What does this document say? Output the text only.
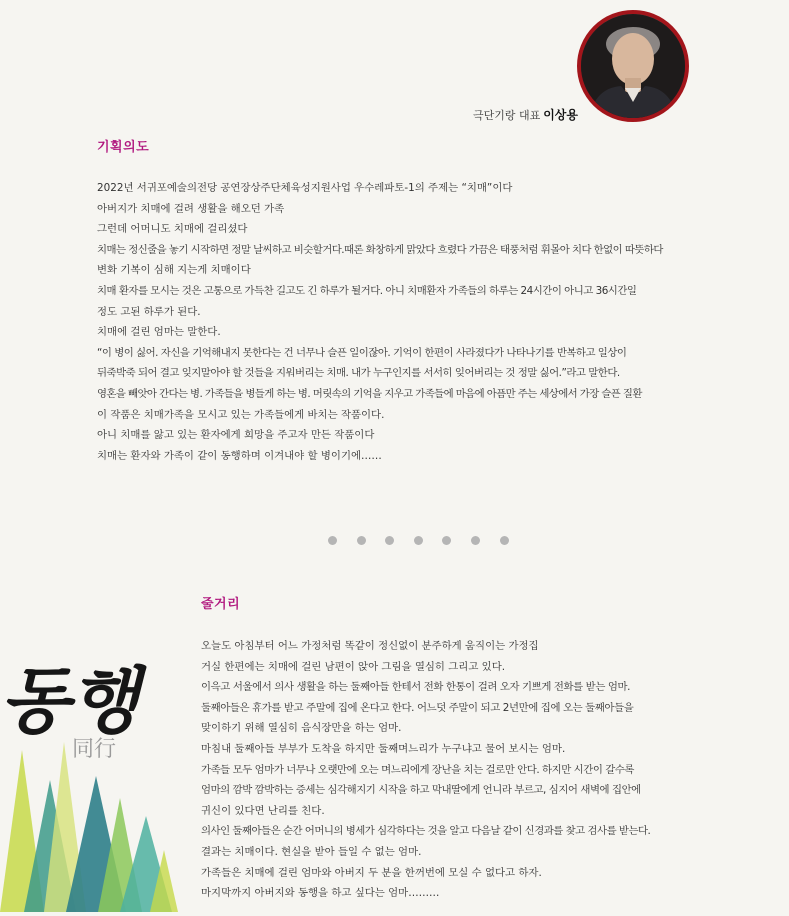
극단기랑 대표 이상용
기획의도

2022년 서귀포예술의전당 공연장상주단체육성지원사업 우수레파토-1의 주제는 “치매”이다

아버지가 치매에 걸려 생활을 해오던 가족

그런데 어머니도 치매에 걸리셨다

치매는 정신줄을 놓기 시작하면 정말 날씨하고 비슷할거다.때론 화창하게 맑았다 흐렸다 가끔은 태풍처럼 휘몰아 치다 한없이 따뜻하다

변화 기복이 심해 지는게 치매이다

치매 환자를 모시는 것은 고통으로 가득찬 길고도 긴 하루가 될거다. 아니 치매환자 가족들의 하루는 24시간이 아니고 36시간일

정도 고된 하루가 된다.

치매에 걸린 엄마는 말한다.

“이 병이 싫어. 자신을 기억해내지 못한다는 건 너무나 슬픈 일이잖아. 기억이 한편이 사라졌다가 나타나기를 반복하고 일상이

뒤죽박죽 되어 결고 잊지말아야 할 것들을 지워버리는 치매. 내가 누구인지를 서서히 잊어버리는 것 정말 싫어.”라고 말한다.

영혼을 빼앗아 간다는 병. 가족들을 병들게 하는 병. 머릿속의 기억을 지우고 가족들에 마음에 아픔만 주는 세상에서 가장 슬픈 질환

이 작품은 치매가족을 모시고 있는 가족들에게 바치는 작품이다.

아니 치매를 앓고 있는 환자에게 희망을 주고자 만든 작품이다

치매는 환자와 가족이 같이 동행하며 이겨내야 할 병이기에……

줄거리

오늘도 아침부터 어느 가정처럼 똑같이 정신없이 분주하게 움직이는 가정집

거실 한편에는 치매에 걸린 남편이 앉아 그림을 열심히 그리고 있다.

이윽고 서울에서 의사 생활을 하는 둘째아들 한테서 전화 한통이 걸려 오자 기쁘게 전화를 받는 엄마.

둘째아들은 휴가를 받고 주말에 집에 온다고 한다. 어느덧 주말이 되고 2년만에 집에 오는 둘째아들을

맞이하기 위해 열심히 음식장만을 하는 엄마.

마침내 둘째아들 부부가 도착을 하지만 둘째며느리가 누구냐고 물어 보시는 엄마.

가족들 모두 엄마가 너무나 오랫만에 오는 며느리에게 장난을 치는 걸로만 안다. 하지만 시간이 갈수록

엄마의 깜박 깜박하는 증세는 심각해지기 시작을 하고 막내딸에게 언니라 부르고, 심지어 새벽에 집안에

귀신이 있다면 난리를 친다.

의사인 둘째아들은 순간 어머니의 병세가 심각하다는 것을 알고 다음날 같이 신경과를 찾고 검사를 받는다.

결과는 치매이다. 현실을 받아 들일 수 없는 엄마.

가족들은 치매에 걸린 엄마와 아버지 두 분을 한꺼번에 모실 수 없다고 하자.

마지막까지 아버지와 동행을 하고 싶다는 엄마………

동행
同行
